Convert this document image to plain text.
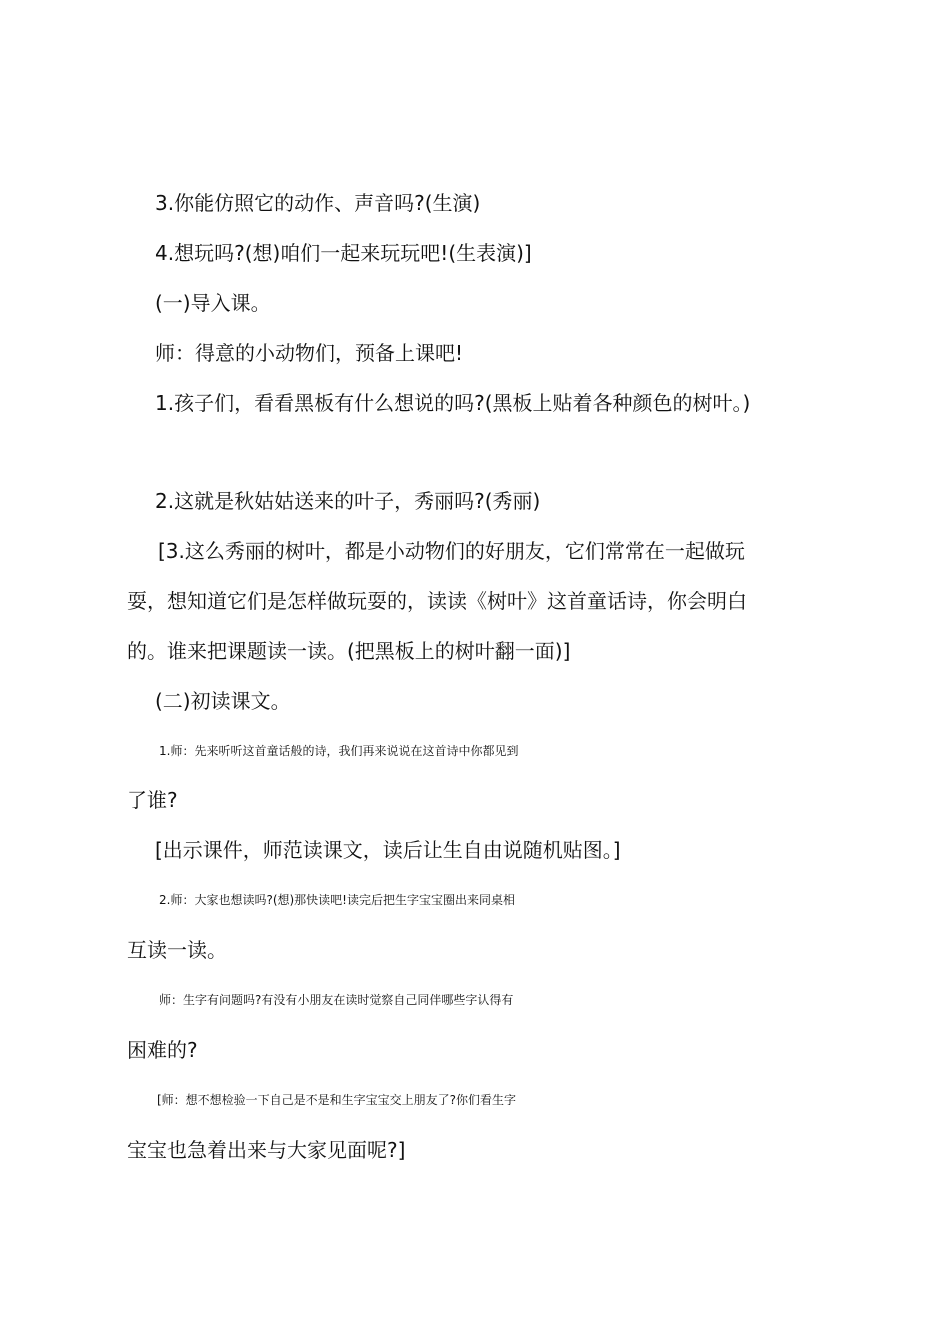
3.你能仿照它的动作、声音吗?(生演)
4.想玩吗?(想)咱们一起来玩玩吧!(生表演)]
(一)导入课。
师：得意的小动物们，预备上课吧!
1.孩子们，看看黑板有什么想说的吗?(黑板上贴着各种颜色的树叶。)
2.这就是秋姑姑送来的叶子，秀丽吗?(秀丽)
[3.这么秀丽的树叶，都是小动物们的好朋友，它们常常在一起做玩
耍，想知道它们是怎样做玩耍的，读读《树叶》这首童话诗，你会明白
的。谁来把课题读一读。(把黑板上的树叶翻一面)]
(二)初读课文。
1.师：先来听听这首童话般的诗，我们再来说说在这首诗中你都见到
了谁?
[出示课件，师范读课文，读后让生自由说随机贴图。]
2.师：大家也想读吗?(想)那快读吧!读完后把生字宝宝圈出来同桌相
互读一读。
师：生字有问题吗?有没有小朋友在读时觉察自己同伴哪些字认得有
困难的?
[师：想不想检验一下自己是不是和生字宝宝交上朋友了?你们看生字
宝宝也急着出来与大家见面呢?]
